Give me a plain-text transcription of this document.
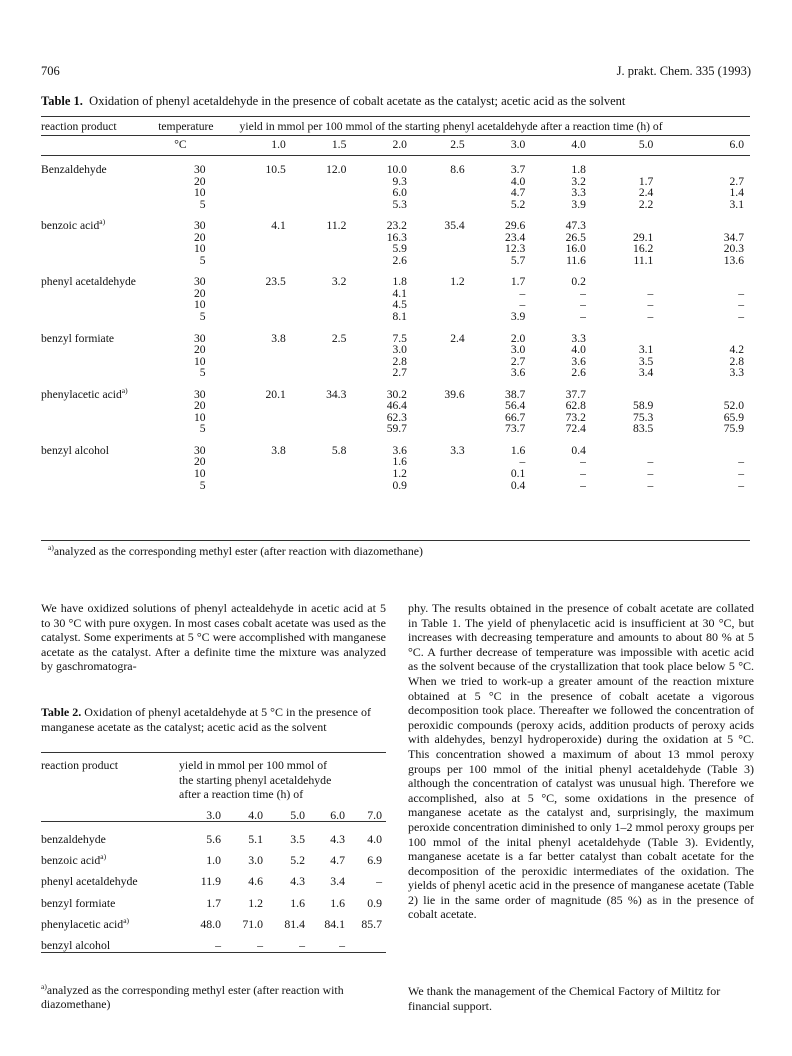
706	J. prakt. Chem. 335 (1993)
Table 1. Oxidation of phenyl acetaldehyde in the presence of cobalt acetate as the catalyst; acetic acid as the solvent
reaction product	temperature	yield in mmol per 100 mmol of the starting phenyl acetaldehyde after a reaction time (h) of							
	°C	1.0	1.5	2.0	2.5	3.0	4.0	5.0	6.0

Benzaldehyde	30	10.5	12.0	10.0	8.6	3.7	1.8		
	20			9.3		4.0	3.2	1.7	2.7
	10			6.0		4.7	3.3	2.4	1.4
	5			5.3		5.2	3.9	2.2	3.1

benzoic acid$^{a)}$	30	4.1	11.2	23.2	35.4	29.6	47.3		
	20			16.3		23.4	26.5	29.1	34.7
	10			5.9		12.3	16.0	16.2	20.3
	5			2.6		5.7	11.6	11.1	13.6

phenyl acetaldehyde	30	23.5	3.2	1.8	1.2	1.7	0.2		
	20			4.1		–	–	–	–
	10			4.5		–	–	–	–
	5			8.1		3.9	–	–	–

benzyl formiate	30	3.8	2.5	7.5	2.4	2.0	3.3		
	20			3.0		3.0	4.0	3.1	4.2
	10			2.8		2.7	3.6	3.5	2.8
	5			2.7		3.6	2.6	3.4	3.3

phenylacetic acid$^{a)}$	30	20.1	34.3	30.2	39.6	38.7	37.7		
	20			46.4		56.4	62.8	58.9	52.0
	10			62.3		66.7	73.2	75.3	65.9
	5			59.7		73.7	72.4	83.5	75.9

benzyl alcohol	30	3.8	5.8	3.6	3.3	1.6	0.4		
	20			1.6		–	–	–	–
	10			1.2		0.1	–	–	–
	5			0.9		0.4	–	–	–
$^{a)}$analyzed as the corresponding methyl ester (after reaction with diazomethane)
We have oxidized solutions of phenyl actealdehyde in acetic acid at 5 to 30 °C with pure oxygen. In most cases cobalt acetate was used as the catalyst. Some experiments at 5 °C were accomplished with manganese acetate as the catalyst. After a definite time the mixture was analyzed by gaschromatogra-
Table 2. Oxidation of phenyl acetaldehyde at 5 °C in the presence of manganese acetate as the catalyst; acetic acid as the solvent
reaction product	yield in mmol per 100 mmol of the starting phenyl acetaldehyde after a reaction time (h) of				
	3.0	4.0	5.0	6.0	7.0

benzaldehyde	5.6	5.1	3.5	4.3	4.0
benzoic acid$^{a)}$	1.0	3.0	5.2	4.7	6.9
phenyl acetaldehyde	11.9	4.6	4.3	3.4	–
benzyl formiate	1.7	1.2	1.6	1.6	0.9
phenylacetic acid$^{a)}$	48.0	71.0	81.4	84.1	85.7
benzyl alcohol	–	–	–	–	
$^{a)}$analyzed as the corresponding methyl ester (after reaction with diazomethane)
phy. The results obtained in the presence of cobalt acetate are collated in Table 1. The yield of phenylacetic acid is insufficient at 30 °C, but increases with decreasing temperature and amounts to about 80 % at 5 °C. A further decrease of temperature was impossible with acetic acid as the solvent because of the crystallization that took place below 5 °C. When we tried to work-up a greater amount of the reaction mixture obtained at 5 °C in the presence of cobalt acetate a vigorous decomposition took place. Thereafter we followed the concentration of peroxidic compounds (peroxy acids, addition products of peroxy acids with aldehydes, benzyl hydroperoxide) during the oxidation at 5 °C. This concentration showed a maximum of about 13 mmol peroxy groups per 100 mmol of the initial phenyl acetaldehyde (Table 3) although the concentration of catalyst was unusual high. Therefore we accomplished, also at 5 °C, some oxidations in the presence of manganese acetate as the catalyst and, surprisingly, the maximum peroxide concentration diminished to only 1–2 mmol peroxy groups per 100 mmol of the inital phenyl acetaldehyde (Table 3). Evidently, manganese acetate is a far better catalyst than cobalt acetate for the decomposition of the peroxidic intermediates of the oxidation. The yields of phenyl acetic acid in the presence of manganese acetate (Table 2) lie in the same order of magnitude (85 %) as in the presence of cobalt acetate.
We thank the management of the Chemical Factory of Miltitz for financial support.
